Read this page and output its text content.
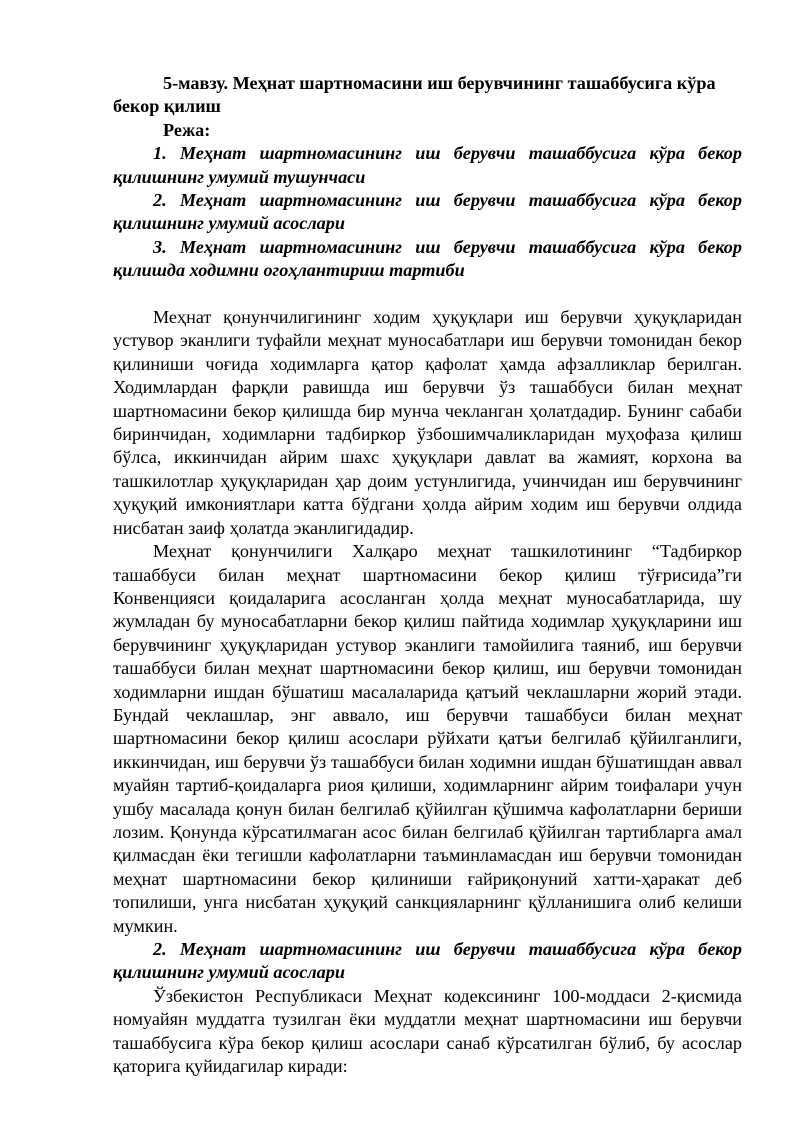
5-мавзу. Меҳнат шартномасини иш берувчининг ташаббусига кўра бекор қилиш

Режа:

1. Меҳнат шартномасининг иш берувчи ташаббусига кўра бекор қилишнинг умумий тушунчаси

2. Меҳнат шартномасининг иш берувчи ташаббусига кўра бекор қилишнинг умумий асослари

3. Меҳнат шартномасининг иш берувчи ташаббусига кўра бекор қилишда ходимни огоҳлантириш тартиби

Меҳнат қонунчилигининг ходим ҳуқуқлари иш берувчи ҳуқуқларидан устувор эканлиги туфайли меҳнат муносабатлари иш берувчи томонидан бекор қилиниши чоғида ходимларга қатор қафолат ҳамда афзалликлар берилган. Ходимлардан фарқли равишда иш берувчи ўз ташаббуси билан меҳнат шартномасини бекор қилишда бир мунча чекланган ҳолатдадир. Бунинг сабаби биринчидан, ходимларни тадбиркор ўзбошимчаликларидан муҳофаза қилиш бўлса, иккинчидан айрим шахс ҳуқуқлари давлат ва жамият, корхона ва ташкилотлар ҳуқуқларидан ҳар доим устунлигида, учинчидан иш берувчининг ҳуқуқий имкониятлари катта бўдгани ҳолда айрим ходим иш берувчи олдида нисбатан заиф ҳолатда эканлигидадир.

Меҳнат қонунчилиги Халқаро меҳнат ташкилотининг “Тадбиркор ташаббуси билан меҳнат шартномасини бекор қилиш тўғрисида”ги Конвенцияси қоидаларига асосланган ҳолда меҳнат муносабатларида, шу жумладан бу муносабатларни бекор қилиш пайтида ходимлар ҳуқуқларини иш берувчининг ҳуқуқларидан устувор эканлиги тамойилига таяниб, иш берувчи ташаббуси билан меҳнат шартномасини бекор қилиш, иш берувчи томонидан ходимларни ишдан бўшатиш масалаларида қатъий чеклашларни жорий этади. Бундай чеклашлар, энг аввало, иш берувчи ташаббуси билан меҳнат шартномасини бекор қилиш асослари рўйхати қатъи белгилаб қўйилганлиги, иккинчидан, иш берувчи ўз ташаббуси билан ходимни ишдан бўшатишдан аввал муайян тартиб-қоидаларга риоя қилиши, ходимларнинг айрим тоифалари учун ушбу масалада қонун билан белгилаб қўйилган қўшимча кафолатларни бериши лозим. Қонунда кўрсатилмаган асос билан белгилаб қўйилган тартибларга амал қилмасдан ёки тегишли кафолатларни таъминламасдан иш берувчи томонидан меҳнат шартномасини бекор қилиниши ғайриқонуний хатти-ҳаракат деб топилиши, унга нисбатан ҳуқуқий санкцияларнинг қўлланишига олиб келиши мумкин.

2. Меҳнат шартномасининг иш берувчи ташаббусига кўра бекор қилишнинг умумий асослари

Ўзбекистон Республикаси Меҳнат кодексининг 100-моддаси 2-қисмида номуайян муддатга тузилган ёки муддатли меҳнат шартномасини иш берувчи ташаббусига кўра бекор қилиш асослари санаб кўрсатилган бўлиб, бу асослар қаторига қуйидагилар киради:
